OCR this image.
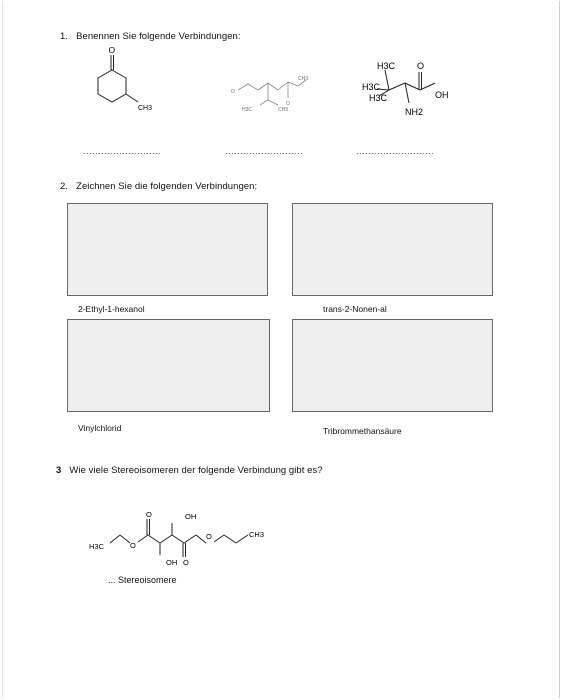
1. Benennen Sie folgende Verbindungen:
O
CH3
O
O
CH3
H3C	CH3
H3C
H3C
H3C
O
OH
NH2
..........................	..........................	..........................
2. Zeichnen Sie die folgenden Verbindungen:
2-Ethyl-1-hexanol	trans-2-Nonen-al
Vinylchlorid	Tribrommethansäure
3 Wie viele Stereoisomeren der folgende Verbindung gibt es?
H3C	O
O
O
O
OH
OH
CH3
... Stereoisomere
